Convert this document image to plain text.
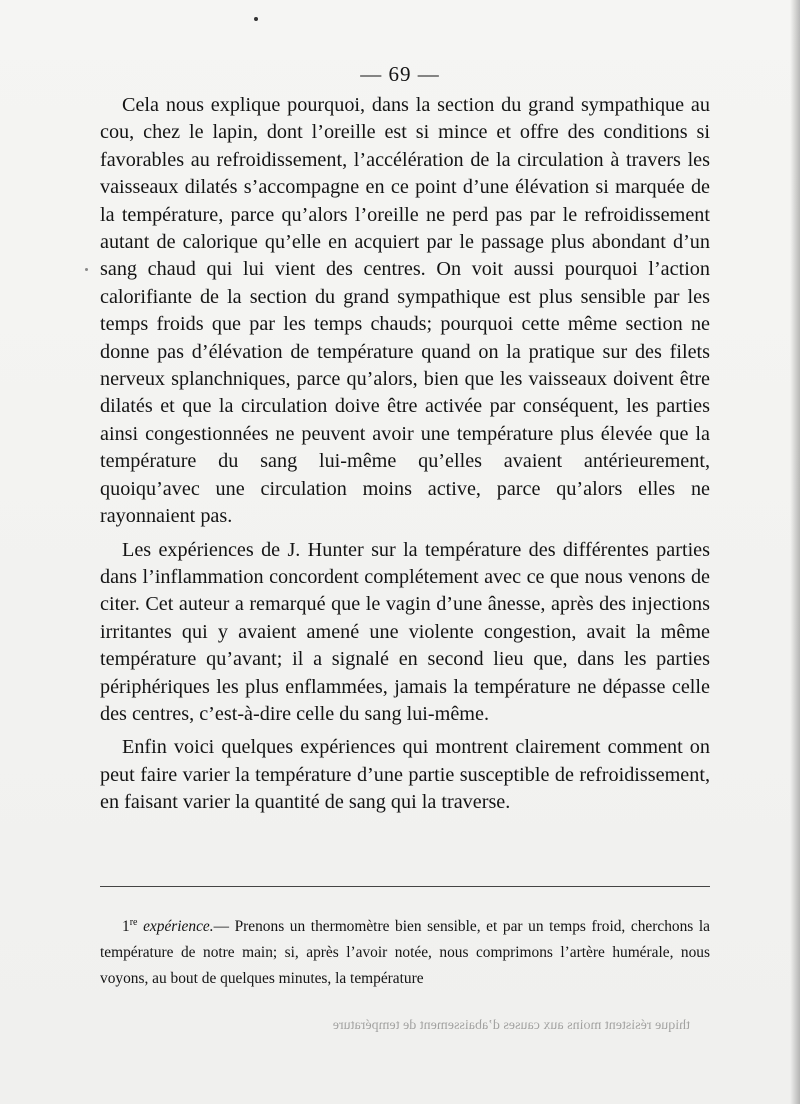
— 69 —

Cela nous explique pourquoi, dans la section du grand sympathique au cou, chez le lapin, dont l’oreille est si mince et offre des conditions si favorables au refroidissement, l’accélération de la circulation à travers les vaisseaux dilatés s’accompagne en ce point d’une élévation si marquée de la température, parce qu’alors l’oreille ne perd pas par le refroidissement autant de calorique qu’elle en acquiert par le passage plus abondant d’un sang chaud qui lui vient des centres. On voit aussi pourquoi l’action calorifiante de la section du grand sympathique est plus sensible par les temps froids que par les temps chauds; pourquoi cette même section ne donne pas d’élévation de température quand on la pratique sur des filets nerveux splanchniques, parce qu’alors, bien que les vaisseaux doivent être dilatés et que la circulation doive être activée par conséquent, les parties ainsi congestionnées ne peuvent avoir une température plus élevée que la température du sang lui-même qu’elles avaient antérieurement, quoiqu’avec une circulation moins active, parce qu’alors elles ne rayonnaient pas.

Les expériences de J. Hunter sur la température des différentes parties dans l’inflammation concordent complétement avec ce que nous venons de citer. Cet auteur a remarqué que le vagin d’une ânesse, après des injections irritantes qui y avaient amené une violente congestion, avait la même température qu’avant; il a signalé en second lieu que, dans les parties périphériques les plus enflammées, jamais la température ne dépasse celle des centres, c’est-à-dire celle du sang lui-même.

Enfin voici quelques expériences qui montrent clairement comment on peut faire varier la température d’une partie susceptible de refroidissement, en faisant varier la quantité de sang qui la traverse.

1re expérience.— Prenons un thermomètre bien sensible, et par un temps froid, cherchons la température de notre main; si, après l’avoir notée, nous comprimons l’artère humérale, nous voyons, au bout de quelques minutes, la température
thique résistent moins aux causes d’abaissement de température
